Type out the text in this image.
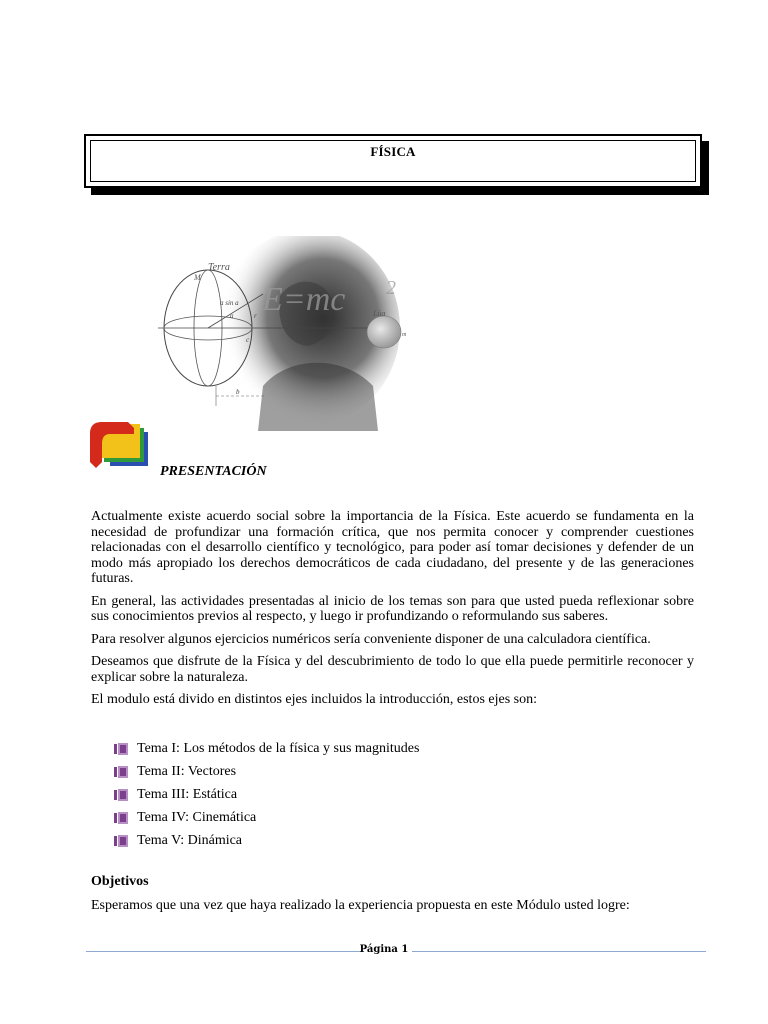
FÍSICA
Terra
M
a sin a
a	r
c
b
E=mc 2
Lùa
m
PRESENTACIÓN

Actualmente existe acuerdo social sobre la importancia de la Física. Este acuerdo se fundamenta en la necesidad de profundizar una formación crítica, que nos permita conocer y comprender cuestiones relacionadas con el desarrollo científico y tecnológico, para poder así tomar decisiones y defender de un modo más apropiado los derechos democráticos de cada ciudadano, del presente y de las generaciones futuras.

En general, las actividades presentadas al inicio de los temas son para que usted pueda reflexionar sobre sus conocimientos previos al respecto, y luego ir profundizando o reformulando sus saberes.

Para resolver algunos ejercicios numéricos sería conveniente disponer de una calculadora científica.

Deseamos que disfrute de la Física y del descubrimiento de todo lo que ella puede permitirle reconocer y explicar sobre la naturaleza.

El modulo está divido en distintos ejes incluidos la introducción, estos ejes son:

Tema I: Los métodos de la física y sus magnitudes
Tema II: Vectores
Tema III: Estática
Tema IV: Cinemática
Tema V: Dinámica
Objetivos
Esperamos que una vez que haya realizado la experiencia propuesta en este Módulo usted logre:
Página 1
